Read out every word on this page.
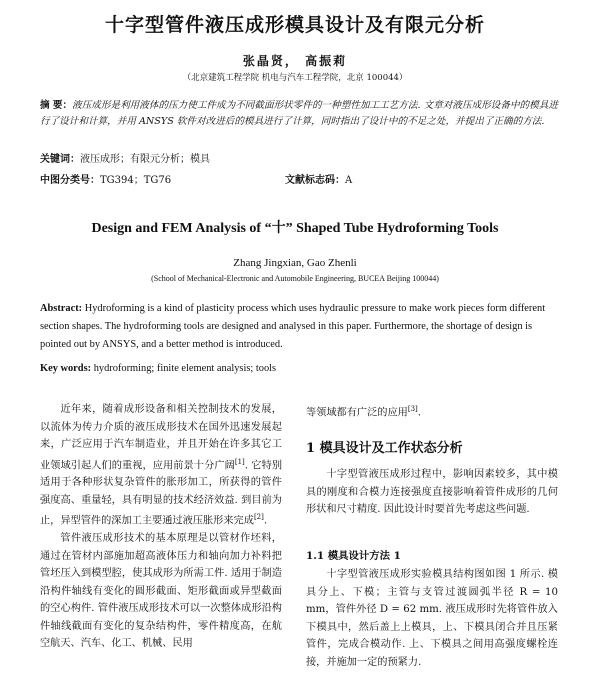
十字型管件液压成形模具设计及有限元分析
张晶贤， 高振莉
（北京建筑工程学院 机电与汽车工程学院，北京 100044）
摘 要：液压成形是利用液体的压力使工件成为不同截面形状零件的一种塑性加工工艺方法. 文章对液压成形设备中的模具进行了设计和计算，并用 ANSYS 软件对改进后的模具进行了计算，同时指出了设计中的不足之处，并提出了正确的方法.
关键词：液压成形；有限元分析；模具
中图分类号：TG394；TG76	文献标志码：A
Design and FEM Analysis of “十” Shaped Tube Hydroforming Tools
Zhang Jingxian, Gao Zhenli
(School of Mechanical-Electronic and Automobile Engineering, BUCEA Beijing 100044)
Abstract: Hydroforming is a kind of plasticity process which uses hydraulic pressure to make work pieces form different section shapes. The hydroforming tools are designed and analysed in this paper. Furthermore, the shortage of design is pointed out by ANSYS, and a better method is introduced.
Key words: hydroforming; finite element analysis; tools

近年来，随着成形设备和相关控制技术的发展，以流体为传力介质的液压成形技术在国外迅速发展起来，广泛应用于汽车制造业，并且开始在许多其它工业领域引起人们的重视，应用前景十分广阔[1]. 它特别适用于各种形状复杂管件的胀形加工，所获得的管件强度高、重量轻，具有明显的技术经济效益. 到目前为止，异型管件的深加工主要通过液压胀形来完成[2].

管件液压成形技术的基本原理是以管材作坯料，通过在管材内部施加超高液体压力和轴向加力补料把管坯压入到模型腔，使其成形为所需工件. 适用于制造沿构件轴线有变化的圆形截面、矩形截面或异型截面的空心构件. 管件液压成形技术可以一次整体成形沿构件轴线截面有变化的复杂结构件，零件精度高，在航空航天、汽车、化工、机械、民用

等领域都有广泛的应用[3].
1 模具设计及工作状态分析
十字型管液压成形过程中，影响因素较多，其中模具的刚度和合模力连接强度直接影响着管件成形的几何形状和尺寸精度. 因此设计时要首先考虑这些问题.
1.1 模具设计方法 1
十字型管液压成形实验模具结构图如图 1 所示. 模具分上、下模；主管与支管过渡圆弧半径 R = 10 mm，管件外径 D = 62 mm. 液压成形时先将管件放入下模具中，然后盖上上模具，上、下模具闭合并且压紧管件，完成合模动作. 上、下模具之间用高强度螺栓连接，并施加一定的预紧力.
